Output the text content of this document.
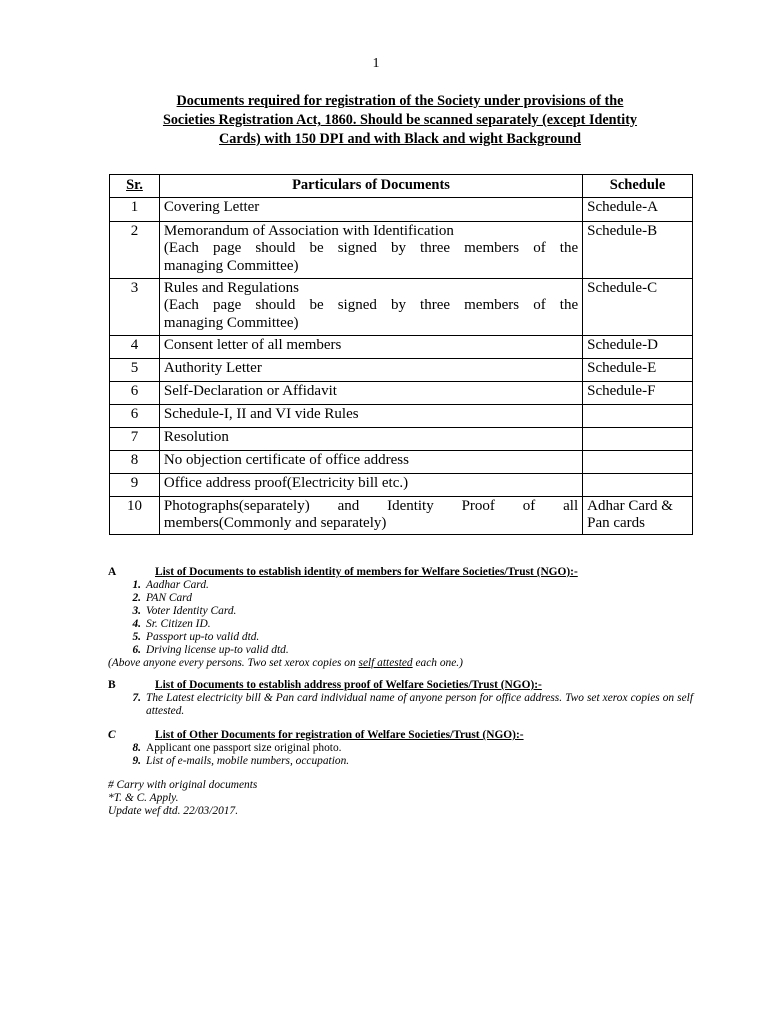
1
Documents required for registration of the Society under provisions of the
Societies Registration Act, 1860. Should be scanned separately (except Identity
Cards) with 150 DPI and with Black and wight Background
Sr.	Particulars of Documents	Schedule
1	Covering Letter	Schedule-A
2	Memorandum of Association with Identification
(Each page should be signed by three members of the
managing Committee)	Schedule-B
3	Rules and Regulations
(Each page should be signed by three members of the
managing Committee)	Schedule-C
4	Consent letter of all members	Schedule-D
5	Authority Letter	Schedule-E
6	Self-Declaration or Affidavit	Schedule-F
6	Schedule-I, II and VI vide Rules	

7	Resolution	

8	No objection certificate of office address	

9	Office address proof(Electricity bill etc.)	

10	Photographs(separately) and Identity Proof of all
members(Commonly and separately)	Adhar Card & Pan cards
A	List of Documents to establish identity of members for Welfare Societies/Trust (NGO):-
1. Aadhar Card.
2. PAN Card
3. Voter Identity Card.
4. Sr. Citizen ID.
5. Passport up-to valid dtd.
6. Driving license up-to valid dtd.
(Above anyone every persons. Two set xerox copies on self attested each one.)
B	List of Documents to establish address proof of Welfare Societies/Trust (NGO):-
7. The Latest electricity bill & Pan card individual name of anyone person for office address. Two set xerox copies on self attested.
C	List of Other Documents for registration of Welfare Societies/Trust (NGO):-
8. Applicant one passport size original photo.
9. List of e-mails, mobile numbers, occupation.
# Carry with original documents
*T. & C. Apply.
Update wef dtd. 22/03/2017.
